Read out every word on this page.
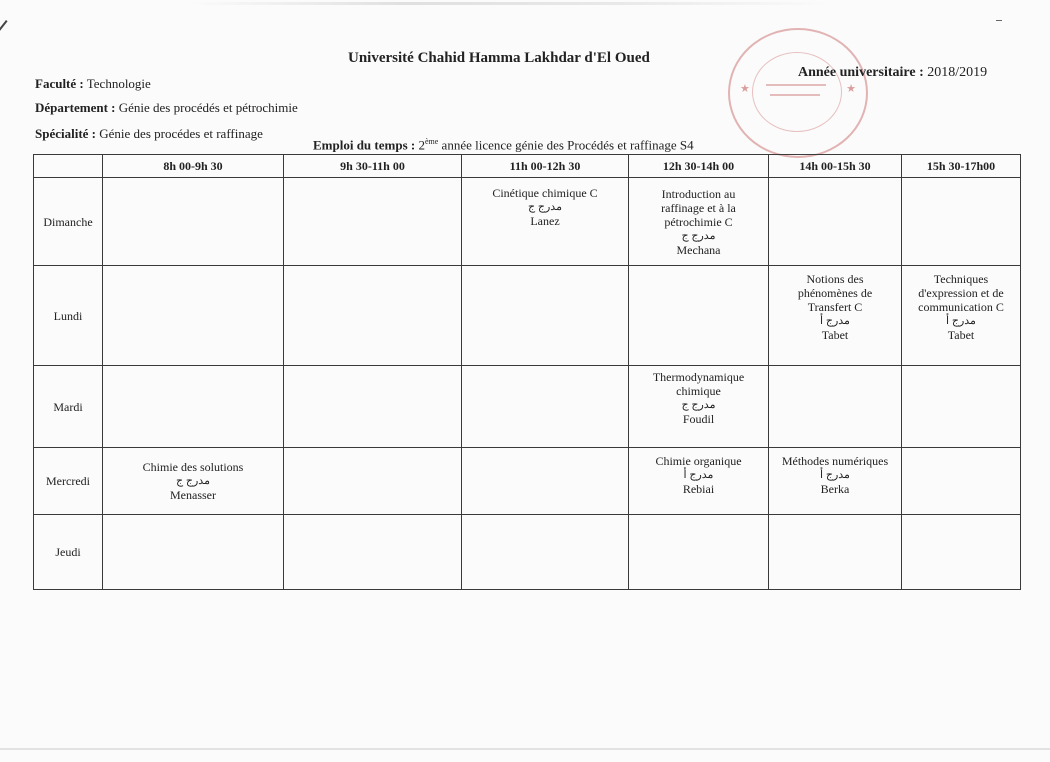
★	★
Université Chahid Hamma Lakhdar d'El Oued
Année universitaire : 2018/2019
Faculté : Technologie
Département : Génie des procédés et pétrochimie
Spécialité : Génie des procédes et raffinage
Emploi du temps : 2ème année licence génie des Procédés et raffinage S4
	8h 00-9h 30	9h 30-11h 00	11h 00-12h 30	12h 30-14h 00	14h 00-15h 30	15h 30-17h00
Dimanche			Cinétique chimique C
مدرج ج
Lanez	Introduction au raffinage et à la pétrochimie C
مدرج ج
Mechana		

Lundi					Notions des phénomènes de Transfert C
مدرج أ
Tabet	Techniques d'expression et de communication C
مدرج أ
Tabet

Mardi				Thermodynamique chimique
مدرج ج
Foudil		

Mercredi	Chimie des solutions
مدرج ج
Menasser			Chimie organique
مدرج أ
Rebiai	Méthodes numériques
مدرج أ
Berka	

Jeudi						
